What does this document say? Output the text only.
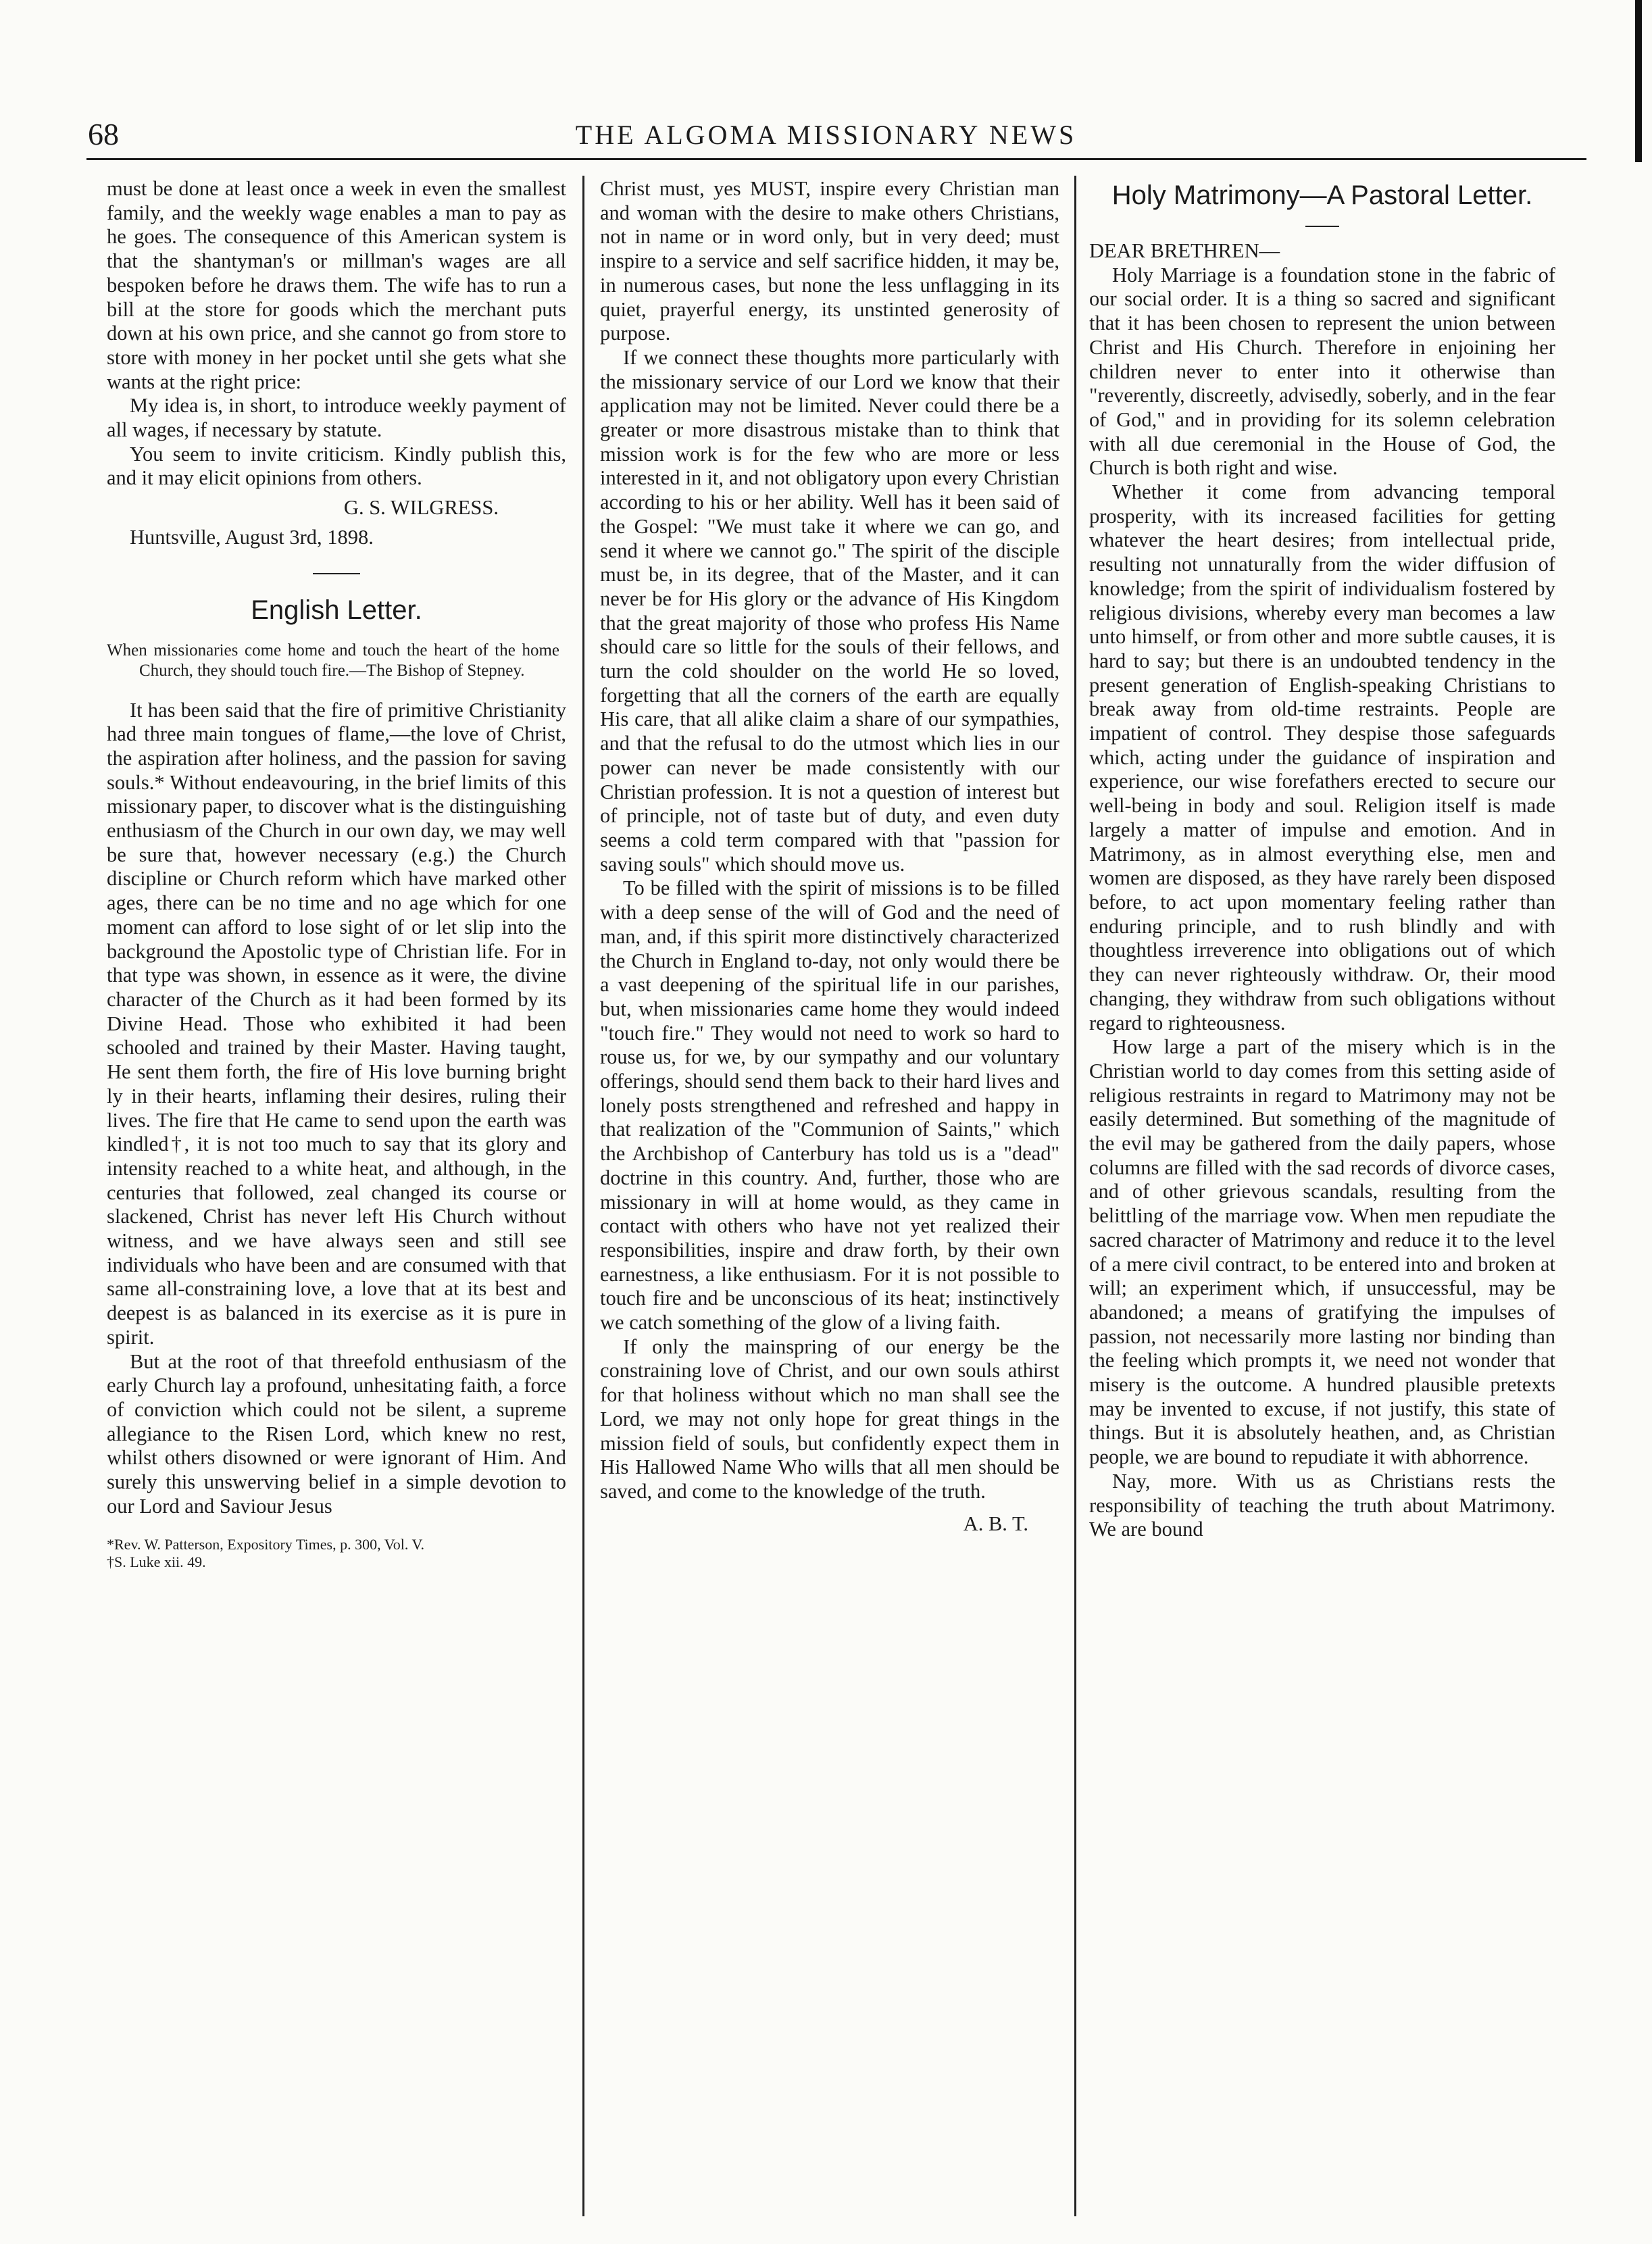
68	THE ALGOMA MISSIONARY NEWS

must be done at least once a week in even the smallest family, and the weekly wage enables a man to pay as he goes. The consequence of this American system is that the shantyman's or millman's wages are all bespoken before he draws them. The wife has to run a bill at the store for goods which the merchant puts down at his own price, and she cannot go from store to store with money in her pocket until she gets what she wants at the right price:

My idea is, in short, to introduce weekly payment of all wages, if necessary by statute.

You seem to invite criticism. Kindly publish this, and it may elicit opinions from others.

G. S. WILGRESS.
Huntsville, August 3rd, 1898.
English Letter.
When missionaries come home and touch the heart of the home Church, they should touch fire.—The Bishop of Stepney.

It has been said that the fire of primitive Christianity had three main tongues of flame,—the love of Christ, the aspiration after holiness, and the passion for saving souls.* Without endeavouring, in the brief limits of this missionary paper, to discover what is the distinguishing enthusiasm of the Church in our own day, we may well be sure that, however necessary (e.g.) the Church discipline or Church reform which have marked other ages, there can be no time and no age which for one moment can afford to lose sight of or let slip into the background the Apostolic type of Christian life. For in that type was shown, in essence as it were, the divine character of the Church as it had been formed by its Divine Head. Those who exhibited it had been schooled and trained by their Master. Having taught, He sent them forth, the fire of His love burning bright ly in their hearts, inflaming their desires, ruling their lives. The fire that He came to send upon the earth was kindled†, it is not too much to say that its glory and intensity reached to a white heat, and although, in the centuries that followed, zeal changed its course or slackened, Christ has never left His Church without witness, and we have always seen and still see individuals who have been and are consumed with that same all-constraining love, a love that at its best and deepest is as balanced in its exercise as it is pure in spirit.

But at the root of that threefold enthusiasm of the early Church lay a profound, unhesitating faith, a force of conviction which could not be silent, a supreme allegiance to the Risen Lord, which knew no rest, whilst others disowned or were ignorant of Him. And surely this unswerving belief in a simple devotion to our Lord and Saviour Jesus

*Rev. W. Patterson, Expository Times, p. 300, Vol. V.
†S. Luke xii. 49.

Christ must, yes MUST, inspire every Christian man and woman with the desire to make others Christians, not in name or in word only, but in very deed; must inspire to a service and self sacrifice hidden, it may be, in numerous cases, but none the less unflagging in its quiet, prayerful energy, its unstinted generosity of purpose.

If we connect these thoughts more particularly with the missionary service of our Lord we know that their application may not be limited. Never could there be a greater or more disastrous mistake than to think that mission work is for the few who are more or less interested in it, and not obligatory upon every Christian according to his or her ability. Well has it been said of the Gospel: "We must take it where we can go, and send it where we cannot go." The spirit of the disciple must be, in its degree, that of the Master, and it can never be for His glory or the advance of His Kingdom that the great majority of those who profess His Name should care so little for the souls of their fellows, and turn the cold shoulder on the world He so loved, forgetting that all the corners of the earth are equally His care, that all alike claim a share of our sympathies, and that the refusal to do the utmost which lies in our power can never be made consistently with our Christian profession. It is not a question of interest but of principle, not of taste but of duty, and even duty seems a cold term compared with that "passion for saving souls" which should move us.

To be filled with the spirit of missions is to be filled with a deep sense of the will of God and the need of man, and, if this spirit more distinctively characterized the Church in England to-day, not only would there be a vast deepening of the spiritual life in our parishes, but, when missionaries came home they would indeed "touch fire." They would not need to work so hard to rouse us, for we, by our sympathy and our voluntary offerings, should send them back to their hard lives and lonely posts strengthened and refreshed and happy in that realization of the "Communion of Saints," which the Archbishop of Canterbury has told us is a "dead" doctrine in this country. And, further, those who are missionary in will at home would, as they came in contact with others who have not yet realized their responsibilities, inspire and draw forth, by their own earnestness, a like enthusiasm. For it is not possible to touch fire and be unconscious of its heat; instinctively we catch something of the glow of a living faith.

If only the mainspring of our energy be the constraining love of Christ, and our own souls athirst for that holiness without which no man shall see the Lord, we may not only hope for great things in the mission field of souls, but confidently expect them in His Hallowed Name Who wills that all men should be saved, and come to the knowledge of the truth.

A. B. T.
Holy Matrimony—A Pastoral Letter.

DEAR BRETHREN—

Holy Marriage is a foundation stone in the fabric of our social order. It is a thing so sacred and significant that it has been chosen to represent the union between Christ and His Church. Therefore in enjoining her children never to enter into it otherwise than "reverently, discreetly, advisedly, soberly, and in the fear of God," and in providing for its solemn celebration with all due ceremonial in the House of God, the Church is both right and wise.

Whether it come from advancing temporal prosperity, with its increased facilities for getting whatever the heart desires; from intellectual pride, resulting not unnaturally from the wider diffusion of knowledge; from the spirit of individualism fostered by religious divisions, whereby every man becomes a law unto himself, or from other and more subtle causes, it is hard to say; but there is an undoubted tendency in the present generation of English-speaking Christians to break away from old-time restraints. People are impatient of control. They despise those safeguards which, acting under the guidance of inspiration and experience, our wise forefathers erected to secure our well-being in body and soul. Religion itself is made largely a matter of impulse and emotion. And in Matrimony, as in almost everything else, men and women are disposed, as they have rarely been disposed before, to act upon momentary feeling rather than enduring principle, and to rush blindly and with thoughtless irreverence into obligations out of which they can never righteously withdraw. Or, their mood changing, they withdraw from such obligations without regard to righteousness.

How large a part of the misery which is in the Christian world to day comes from this setting aside of religious restraints in regard to Matrimony may not be easily determined. But something of the magnitude of the evil may be gathered from the daily papers, whose columns are filled with the sad records of divorce cases, and of other grievous scandals, resulting from the belittling of the marriage vow. When men repudiate the sacred character of Matrimony and reduce it to the level of a mere civil contract, to be entered into and broken at will; an experiment which, if unsuccessful, may be abandoned; a means of gratifying the impulses of passion, not necessarily more lasting nor binding than the feeling which prompts it, we need not wonder that misery is the outcome. A hundred plausible pretexts may be invented to excuse, if not justify, this state of things. But it is absolutely heathen, and, as Christian people, we are bound to repudiate it with abhorrence.

Nay, more. With us as Christians rests the responsibility of teaching the truth about Matrimony. We are bound
